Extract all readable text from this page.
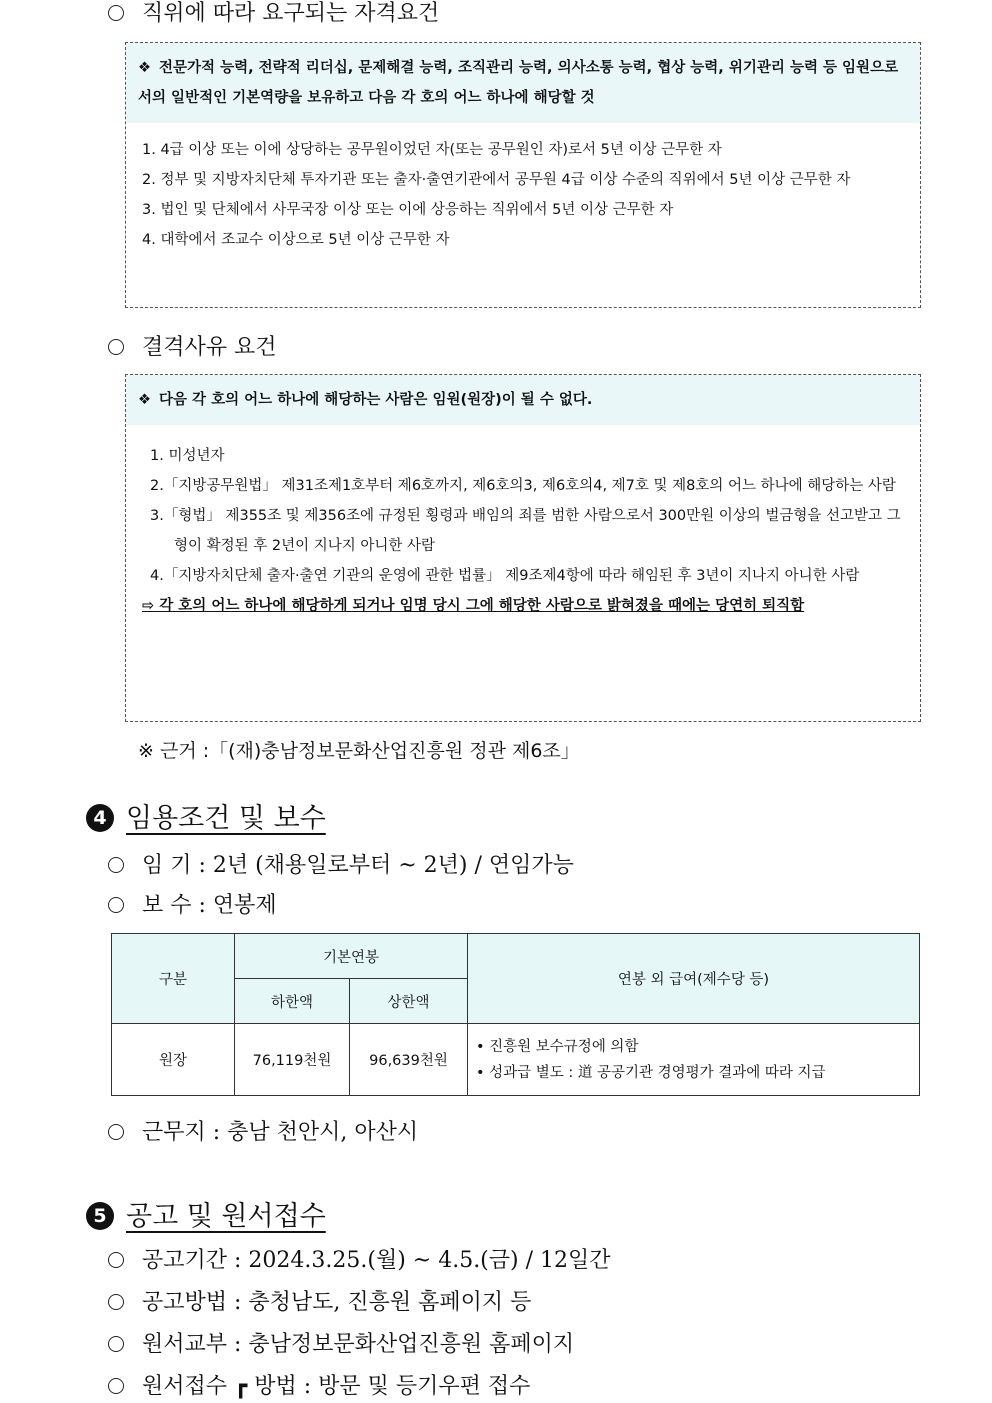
직위에 따라 요구되는 자격요건
❖ 전문가적 능력, 전략적 리더십, 문제해결 능력, 조직관리 능력, 의사소통 능력, 협상 능력, 위기관리 능력 등 임원으로서의 일반적인 기본역량을 보유하고 다음 각 호의 어느 하나에 해당할 것
1. 4급 이상 또는 이에 상당하는 공무원이었던 자(또는 공무원인 자)로서 5년 이상 근무한 자
2. 정부 및 지방자치단체 투자기관 또는 출자·출연기관에서 공무원 4급 이상 수준의 직위에서 5년 이상 근무한 자
3. 법인 및 단체에서 사무국장 이상 또는 이에 상응하는 직위에서 5년 이상 근무한 자
4. 대학에서 조교수 이상으로 5년 이상 근무한 자
결격사유 요건
❖ 다음 각 호의 어느 하나에 해당하는 사람은 임원(원장)이 될 수 없다.
1. 미성년자
2.「지방공무원법」 제31조제1호부터 제6호까지, 제6호의3, 제6호의4, 제7호 및 제8호의 어느 하나에 해당하는 사람
3.「형법」 제355조 및 제356조에 규정된 횡령과 배임의 죄를 범한 사람으로서 300만원 이상의 벌금형을 선고받고 그 형이 확정된 후 2년이 지나지 아니한 사람
4.「지방자치단체 출자·출연 기관의 운영에 관한 법률」 제9조제4항에 따라 해임된 후 3년이 지나지 아니한 사람
⇨ 각 호의 어느 하나에 해당하게 되거나 임명 당시 그에 해당한 사람으로 밝혀졌을 때에는 당연히 퇴직함
※ 근거 :「(재)충남정보문화산업진흥원 정관 제6조」
4 임용조건 및 보수
임 기 : 2년 (채용일로부터 ~ 2년) / 연임가능
보 수 : 연봉제
구분	기본연봉		연봉 외 급여(제수당 등)
	하한액	상한액	
원장	76,119천원	96,639천원	• 진흥원 보수규정에 의함
• 성과급 별도 : 道 공공기관 경영평가 결과에 따라 지급
근무지 : 충남 천안시, 아산시
5 공고 및 원서접수
공고기간 : 2024.3.25.(월) ~ 4.5.(금) / 12일간
공고방법 : 충청남도, 진흥원 홈페이지 등
원서교부 : 충남정보문화산업진흥원 홈페이지
원서접수 ┏ 방법 : 방문 및 등기우편 접수
